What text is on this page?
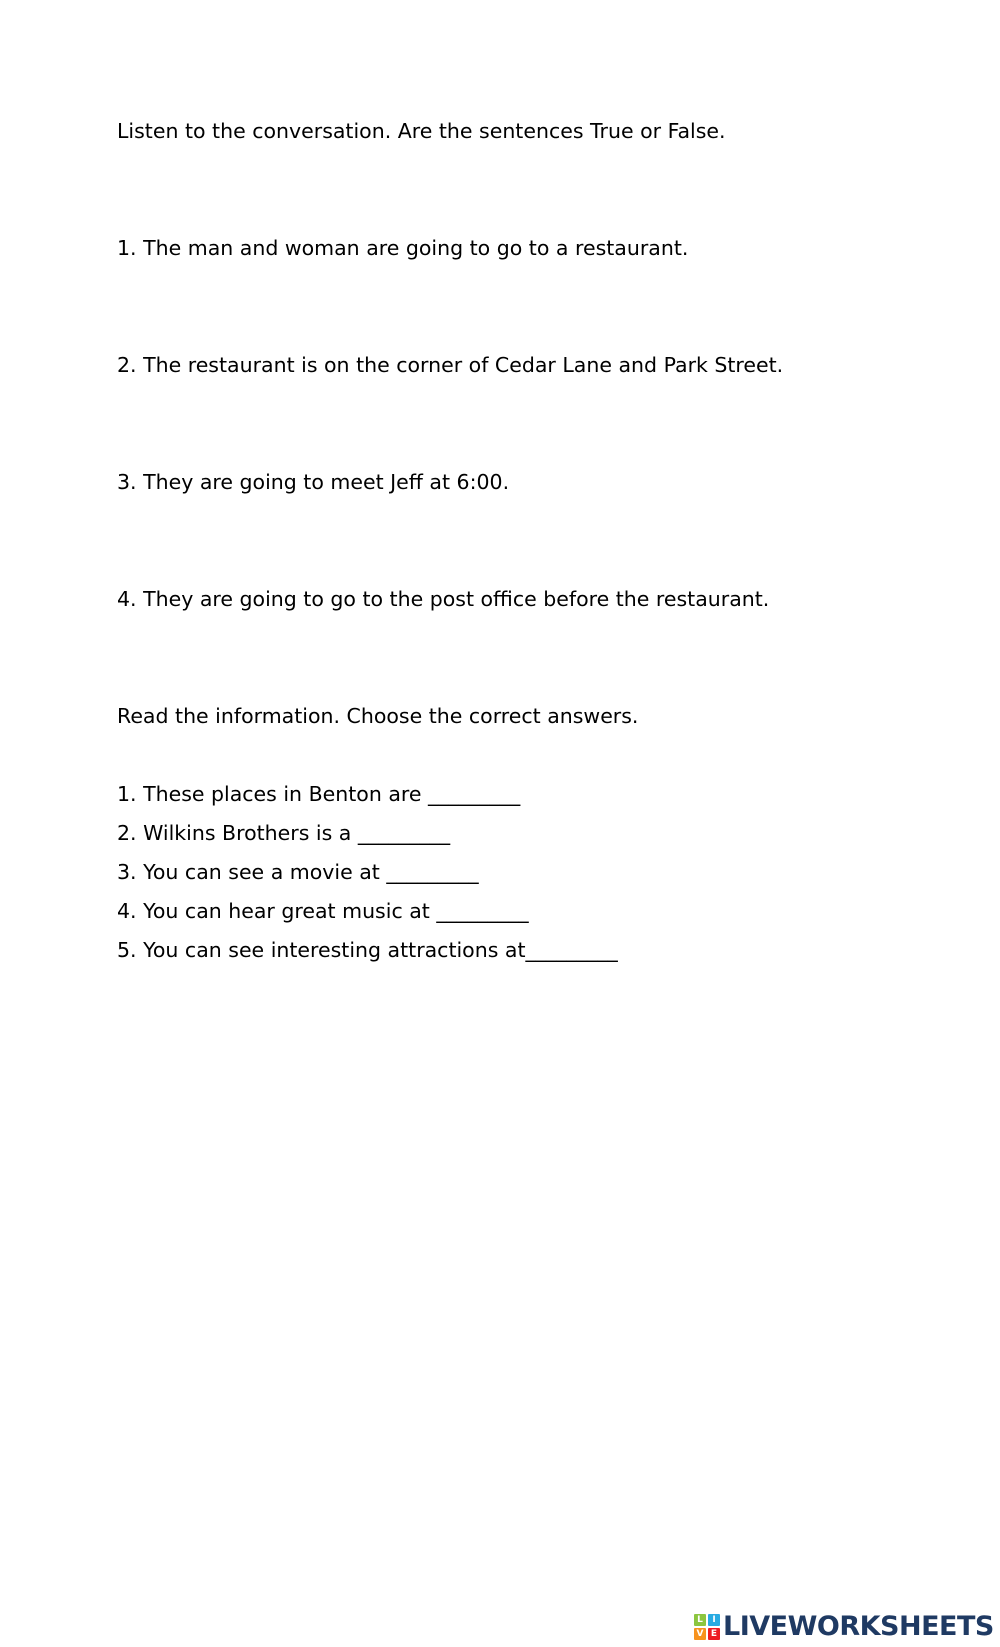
Listen to the conversation. Are the sentences True or False.
1. The man and woman are going to go to a restaurant.
2. The restaurant is on the corner of Cedar Lane and Park Street.
3. They are going to meet Jeff at 6:00.
4. They are going to go to the post office before the restaurant.
Read the information. Choose the correct answers.
1. These places in Benton are _________
2. Wilkins Brothers is a _________
3. You can see a movie at _________
4. You can hear great music at _________
5. You can see interesting attractions at_________
L	I
V E LIVEWORKSHEETS
